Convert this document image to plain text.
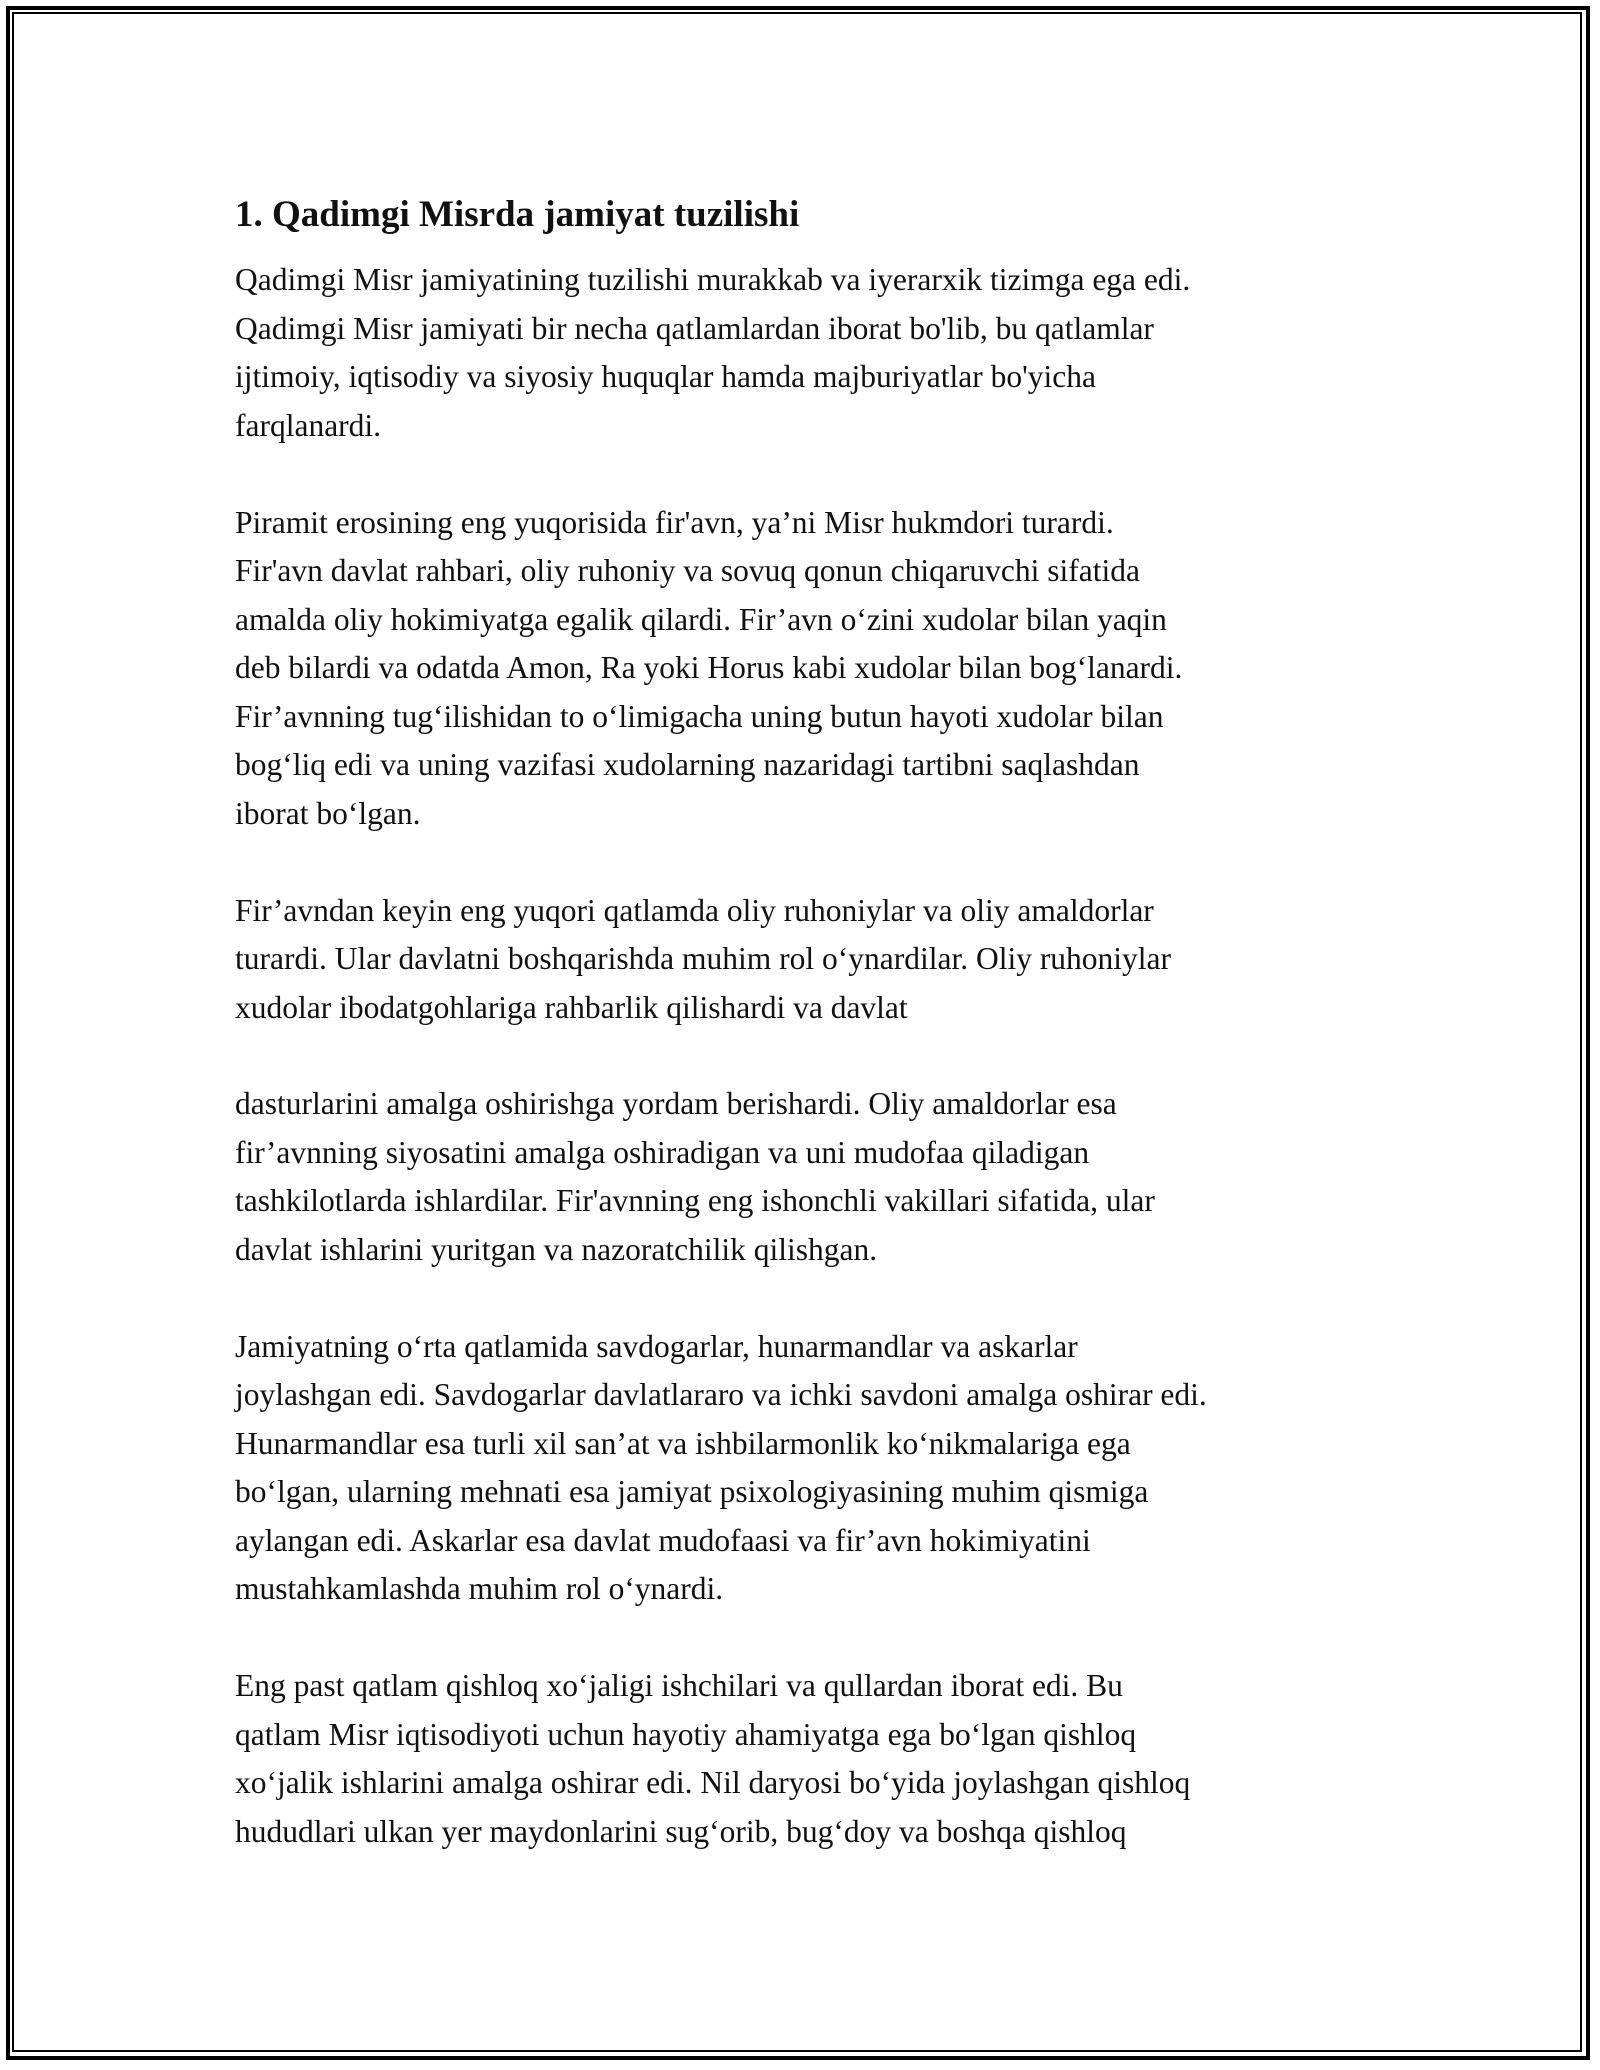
1. Qadimgi Misrda jamiyat tuzilishi
Qadimgi Misr jamiyatining tuzilishi murakkab va iyerarxik tizimga ega edi.
Qadimgi Misr jamiyati bir necha qatlamlardan iborat bo'lib, bu qatlamlar
ijtimoiy, iqtisodiy va siyosiy huquqlar hamda majburiyatlar bo'yicha
farqlanardi.
Piramit erosining eng yuqorisida fir'avn, ya’ni Misr hukmdori turardi.
Fir'avn davlat rahbari, oliy ruhoniy va sovuq qonun chiqaruvchi sifatida
amalda oliy hokimiyatga egalik qilardi. Fir’avn o‘zini xudolar bilan yaqin
deb bilardi va odatda Amon, Ra yoki Horus kabi xudolar bilan bog‘lanardi.
Fir’avnning tug‘ilishidan to o‘limigacha uning butun hayoti xudolar bilan
bog‘liq edi va uning vazifasi xudolarning nazaridagi tartibni saqlashdan
iborat bo‘lgan.
Fir’avndan keyin eng yuqori qatlamda oliy ruhoniylar va oliy amaldorlar
turardi. Ular davlatni boshqarishda muhim rol o‘ynardilar. Oliy ruhoniylar
xudolar ibodatgohlariga rahbarlik qilishardi va davlat
dasturlarini amalga oshirishga yordam berishardi. Oliy amaldorlar esa
fir’avnning siyosatini amalga oshiradigan va uni mudofaa qiladigan
tashkilotlarda ishlardilar. Fir'avnning eng ishonchli vakillari sifatida, ular
davlat ishlarini yuritgan va nazoratchilik qilishgan.
Jamiyatning o‘rta qatlamida savdogarlar, hunarmandlar va askarlar
joylashgan edi. Savdogarlar davlatlararo va ichki savdoni amalga oshirar edi.
Hunarmandlar esa turli xil san’at va ishbilarmonlik ko‘nikmalariga ega
bo‘lgan, ularning mehnati esa jamiyat psixologiyasining muhim qismiga
aylangan edi. Askarlar esa davlat mudofaasi va fir’avn hokimiyatini
mustahkamlashda muhim rol o‘ynardi.
Eng past qatlam qishloq xo‘jaligi ishchilari va qullardan iborat edi. Bu
qatlam Misr iqtisodiyoti uchun hayotiy ahamiyatga ega bo‘lgan qishloq
xo‘jalik ishlarini amalga oshirar edi. Nil daryosi bo‘yida joylashgan qishloq
hududlari ulkan yer maydonlarini sug‘orib, bug‘doy va boshqa qishloq
